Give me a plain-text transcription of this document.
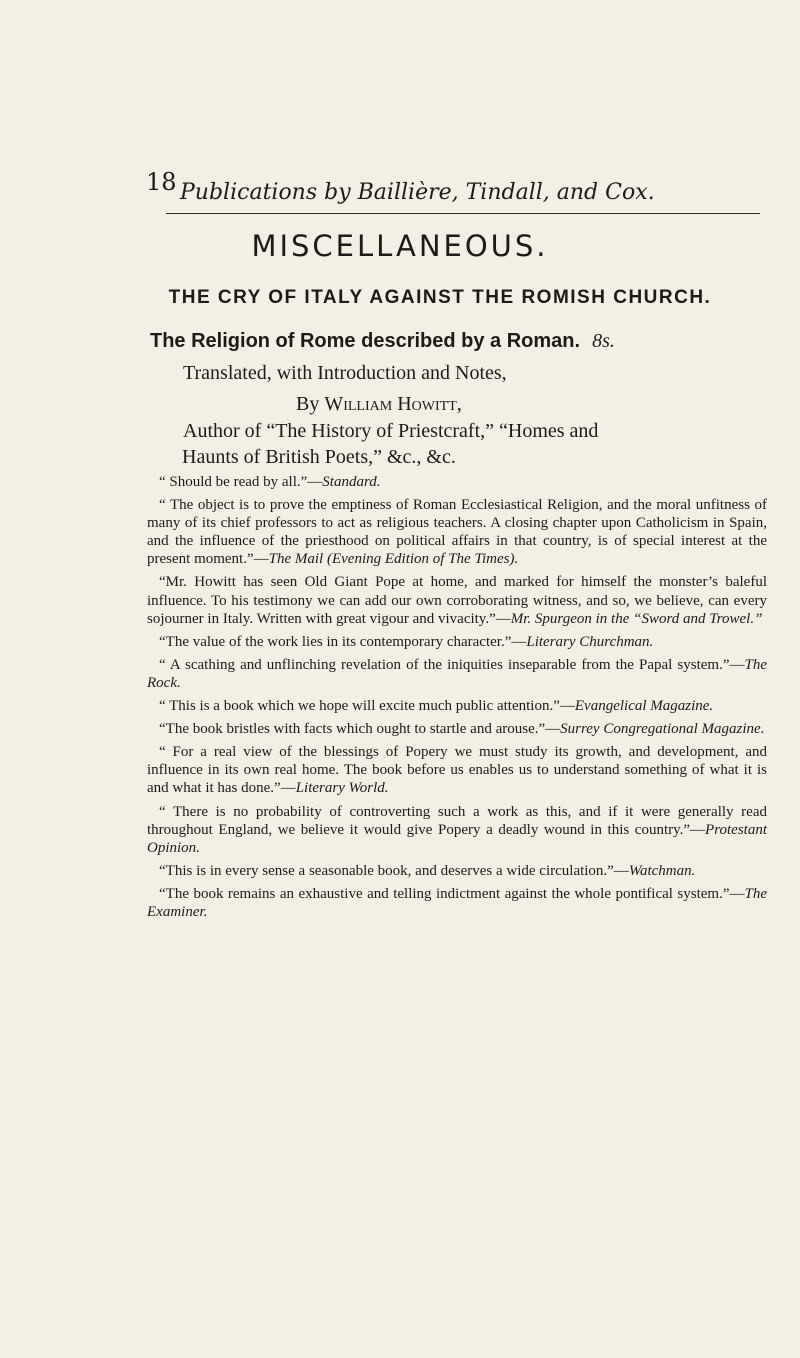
18 Publications by Baillière, Tindall, and Cox.
MISCELLANEOUS.
THE CRY OF ITALY AGAINST THE ROMISH CHURCH.
The Religion of Rome described by a Roman. 8s.
Translated, with Introduction and Notes,
By William Howitt,
Author of “The History of Priestcraft,” “Homes and

Haunts of British Poets,” &c., &c.

“ Should be read by all.”—Standard.

“ The object is to prove the emptiness of Roman Ecclesiastical Religion, and the moral unfitness of many of its chief professors to act as religious teachers. A closing chapter upon Catholicism in Spain, and the influence of the priesthood on political affairs in that country, is of special interest at the present moment.”—The Mail (Evening Edition of The Times).

“Mr. Howitt has seen Old Giant Pope at home, and marked for himself the monster’s baleful influence. To his testimony we can add our own corroborating witness, and so, we believe, can every sojourner in Italy. Written with great vigour and vivacity.”—Mr. Spurgeon in the “Sword and Trowel.”

“The value of the work lies in its contemporary character.”—Literary Churchman.

“ A scathing and unflinching revelation of the iniquities inseparable from the Papal system.”—The Rock.

“ This is a book which we hope will excite much public attention.”—Evangelical Magazine.

“The book bristles with facts which ought to startle and arouse.”—Surrey Congregational Magazine.

“ For a real view of the blessings of Popery we must study its growth, and development, and influence in its own real home. The book before us enables us to understand something of what it is and what it has done.”—Literary World.

“ There is no probability of controverting such a work as this, and if it were generally read throughout England, we believe it would give Popery a deadly wound in this country.”—Protestant Opinion.

“This is in every sense a seasonable book, and deserves a wide circulation.”—Watchman.

“The book remains an exhaustive and telling indictment against the whole pontifical system.”—The Examiner.
